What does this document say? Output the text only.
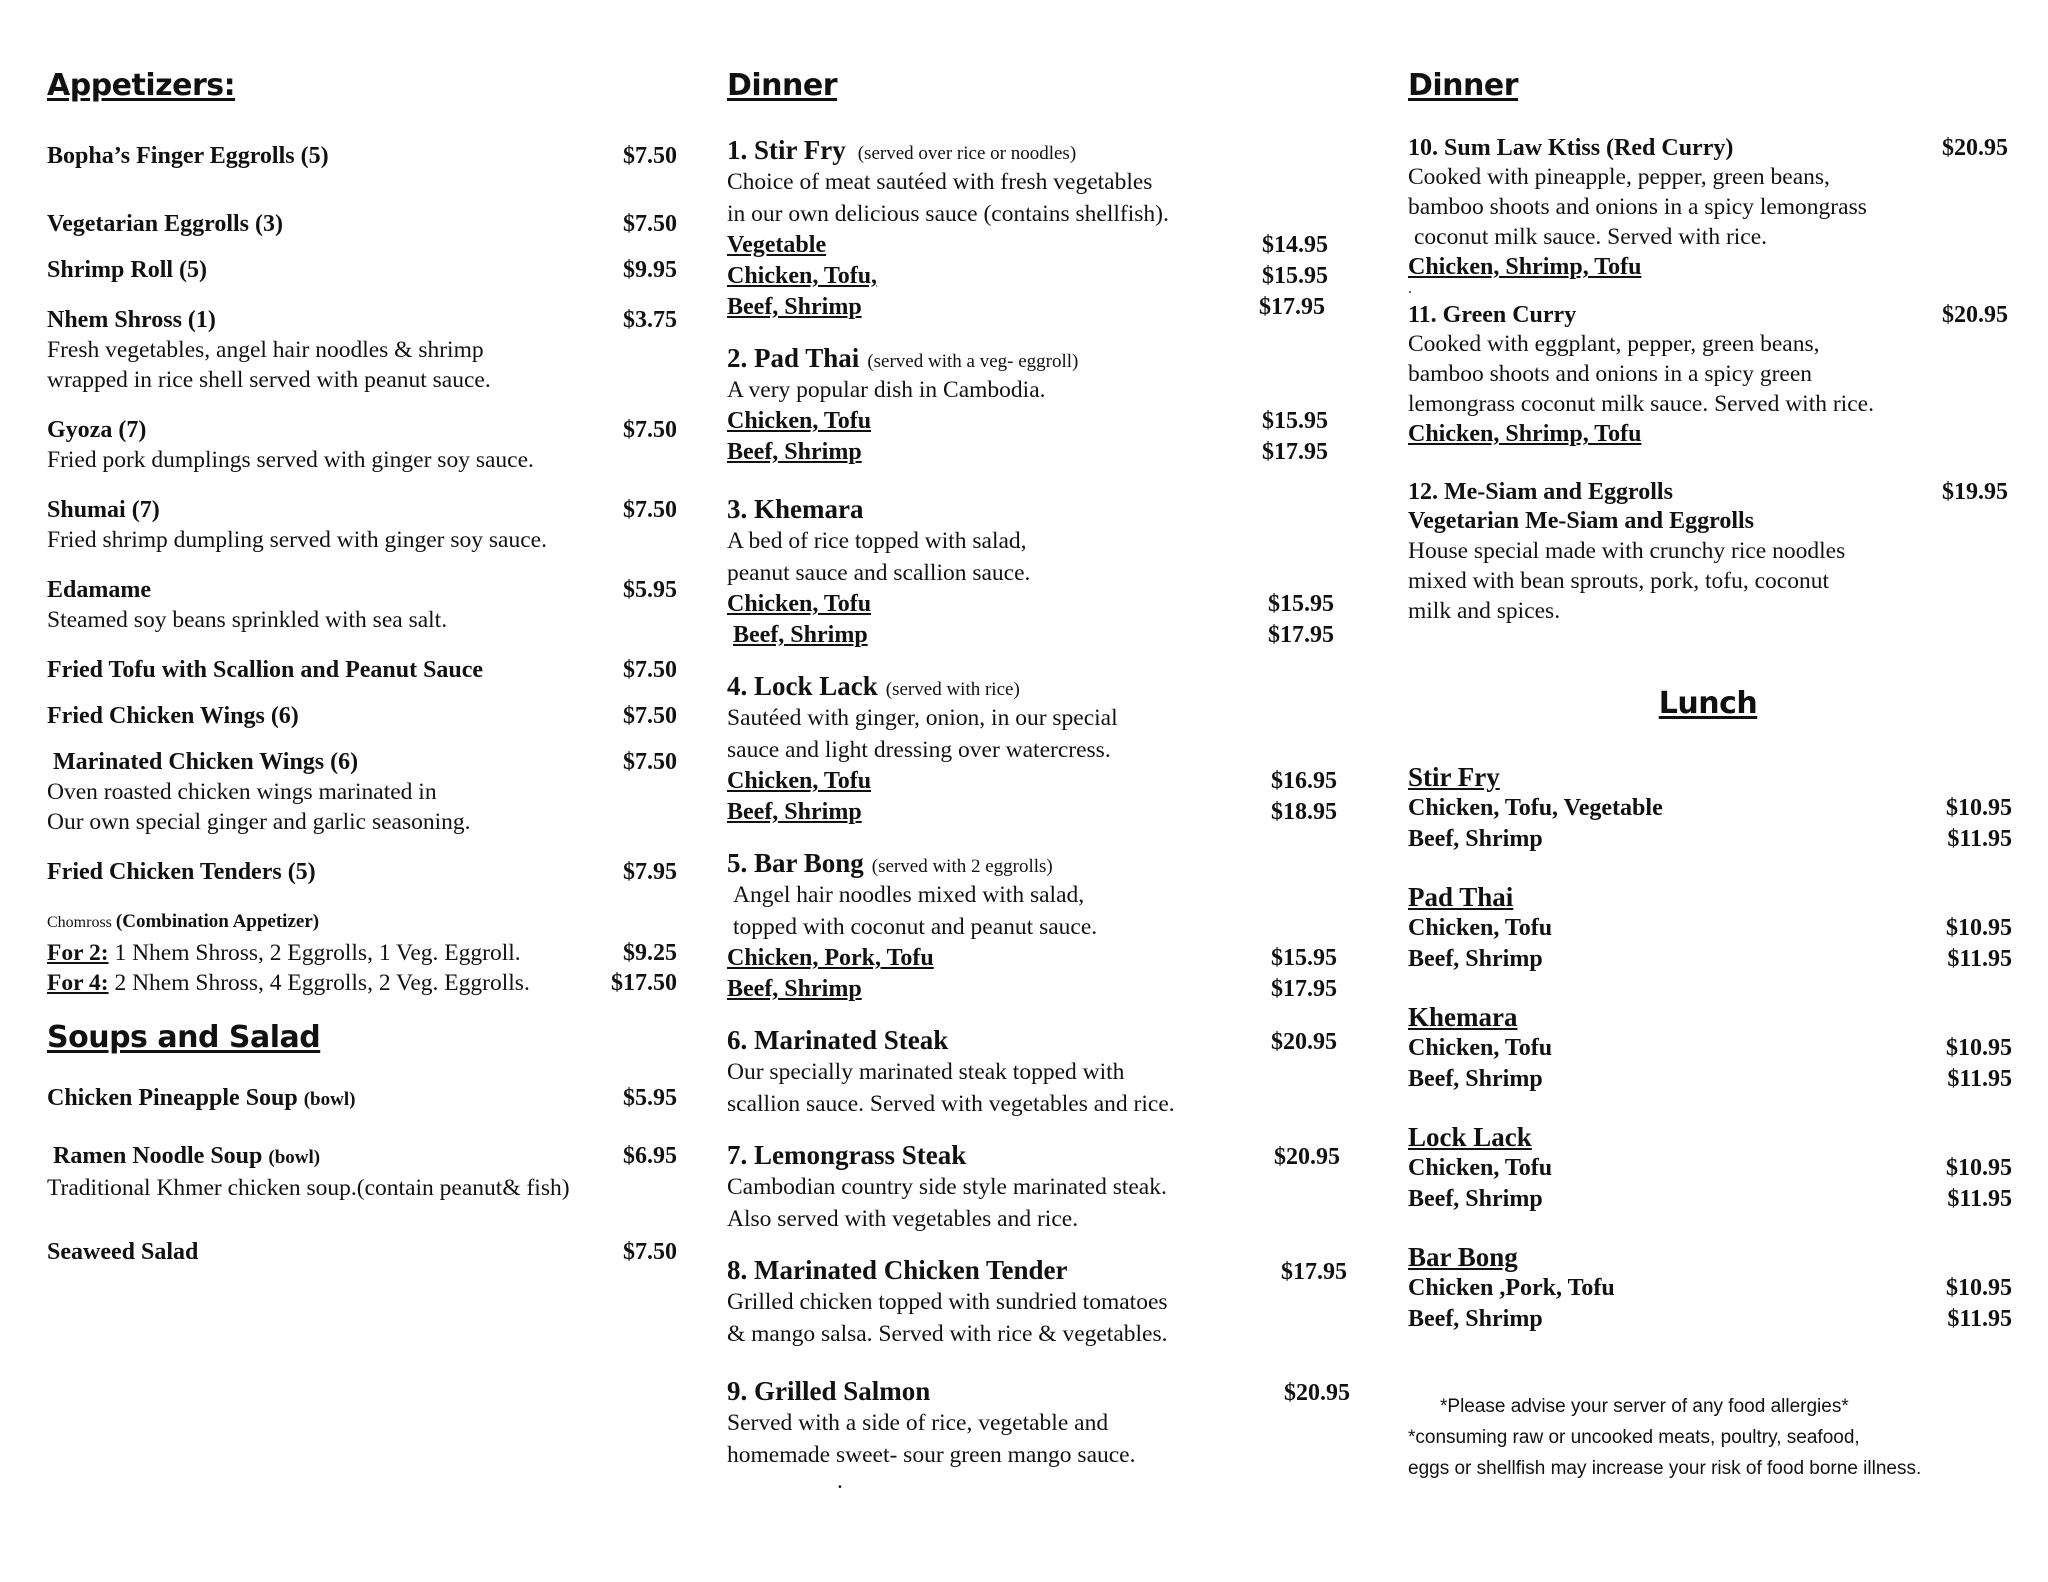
Appetizers:
Bopha’s Finger Eggrolls (5)	$7.50
Vegetarian Eggrolls (3)	$7.50
Shrimp Roll (5)	$9.95
Nhem Shross (1)	$3.75
Fresh vegetables, angel hair noodles & shrimp
wrapped in rice shell served with peanut sauce.
Gyoza (7)	$7.50
Fried pork dumplings served with ginger soy sauce.
Shumai (7)	$7.50
Fried shrimp dumpling served with ginger soy sauce.
Edamame	$5.95
Steamed soy beans sprinkled with sea salt.
Fried Tofu with Scallion and Peanut Sauce	$7.50
Fried Chicken Wings (6)	$7.50
Marinated Chicken Wings (6)	$7.50
Oven roasted chicken wings marinated in
Our own special ginger and garlic seasoning.
Fried Chicken Tenders (5)	$7.95
Chomross (Combination Appetizer)
For 2: 1 Nhem Shross, 2 Eggrolls, 1 Veg. Eggroll.	$9.25
For 4: 2 Nhem Shross, 4 Eggrolls, 2 Veg. Eggrolls.	$17.50
Soups and Salad
Chicken Pineapple Soup (bowl)	$5.95
Ramen Noodle Soup (bowl)	$6.95
Traditional Khmer chicken soup.(contain peanut& fish)
Seaweed Salad	$7.50
Dinner
1. Stir Fry (served over rice or noodles)
Choice of meat sautéed with fresh vegetables
in our own delicious sauce (contains shellfish).
Vegetable	$14.95
Chicken, Tofu,	$15.95
Beef, Shrimp	$17.95
2. Pad Thai (served with a veg- eggroll)
A very popular dish in Cambodia.
Chicken, Tofu	$15.95
Beef, Shrimp	$17.95
3. Khemara
A bed of rice topped with salad,
peanut sauce and scallion sauce.
Chicken, Tofu	$15.95
Beef, Shrimp	$17.95
4. Lock Lack (served with rice)
Sautéed with ginger, onion, in our special
sauce and light dressing over watercress.
Chicken, Tofu	$16.95
Beef, Shrimp	$18.95
5. Bar Bong (served with 2 eggrolls)
Angel hair noodles mixed with salad,
topped with coconut and peanut sauce.
Chicken, Pork, Tofu	$15.95
Beef, Shrimp	$17.95
6. Marinated Steak	$20.95
Our specially marinated steak topped with
scallion sauce. Served with vegetables and rice.
7. Lemongrass Steak	$20.95
Cambodian country side style marinated steak.
Also served with vegetables and rice.
8. Marinated Chicken Tender	$17.95
Grilled chicken topped with sundried tomatoes
& mango salsa. Served with rice & vegetables.
9. Grilled Salmon	$20.95
Served with a side of rice, vegetable and
homemade sweet- sour green mango sauce.
.
Dinner
10. Sum Law Ktiss (Red Curry)	$20.95
Cooked with pineapple, pepper, green beans,
bamboo shoots and onions in a spicy lemongrass
coconut milk sauce. Served with rice.
Chicken, Shrimp, Tofu
.
11. Green Curry	$20.95
Cooked with eggplant, pepper, green beans,
bamboo shoots and onions in a spicy green
lemongrass coconut milk sauce. Served with rice.
Chicken, Shrimp, Tofu
12. Me-Siam and Eggrolls	$19.95
Vegetarian Me-Siam and Eggrolls
House special made with crunchy rice noodles
mixed with bean sprouts, pork, tofu, coconut
milk and spices.
Lunch
Stir Fry
Chicken, Tofu, Vegetable	$10.95
Beef, Shrimp	$11.95
Pad Thai
Chicken, Tofu	$10.95
Beef, Shrimp	$11.95
Khemara
Chicken, Tofu	$10.95
Beef, Shrimp	$11.95
Lock Lack
Chicken, Tofu	$10.95
Beef, Shrimp	$11.95
Bar Bong
Chicken ,Pork, Tofu	$10.95
Beef, Shrimp	$11.95
*Please advise your server of any food allergies*
*consuming raw or uncooked meats, poultry, seafood,
eggs or shellfish may increase your risk of food borne illness.
